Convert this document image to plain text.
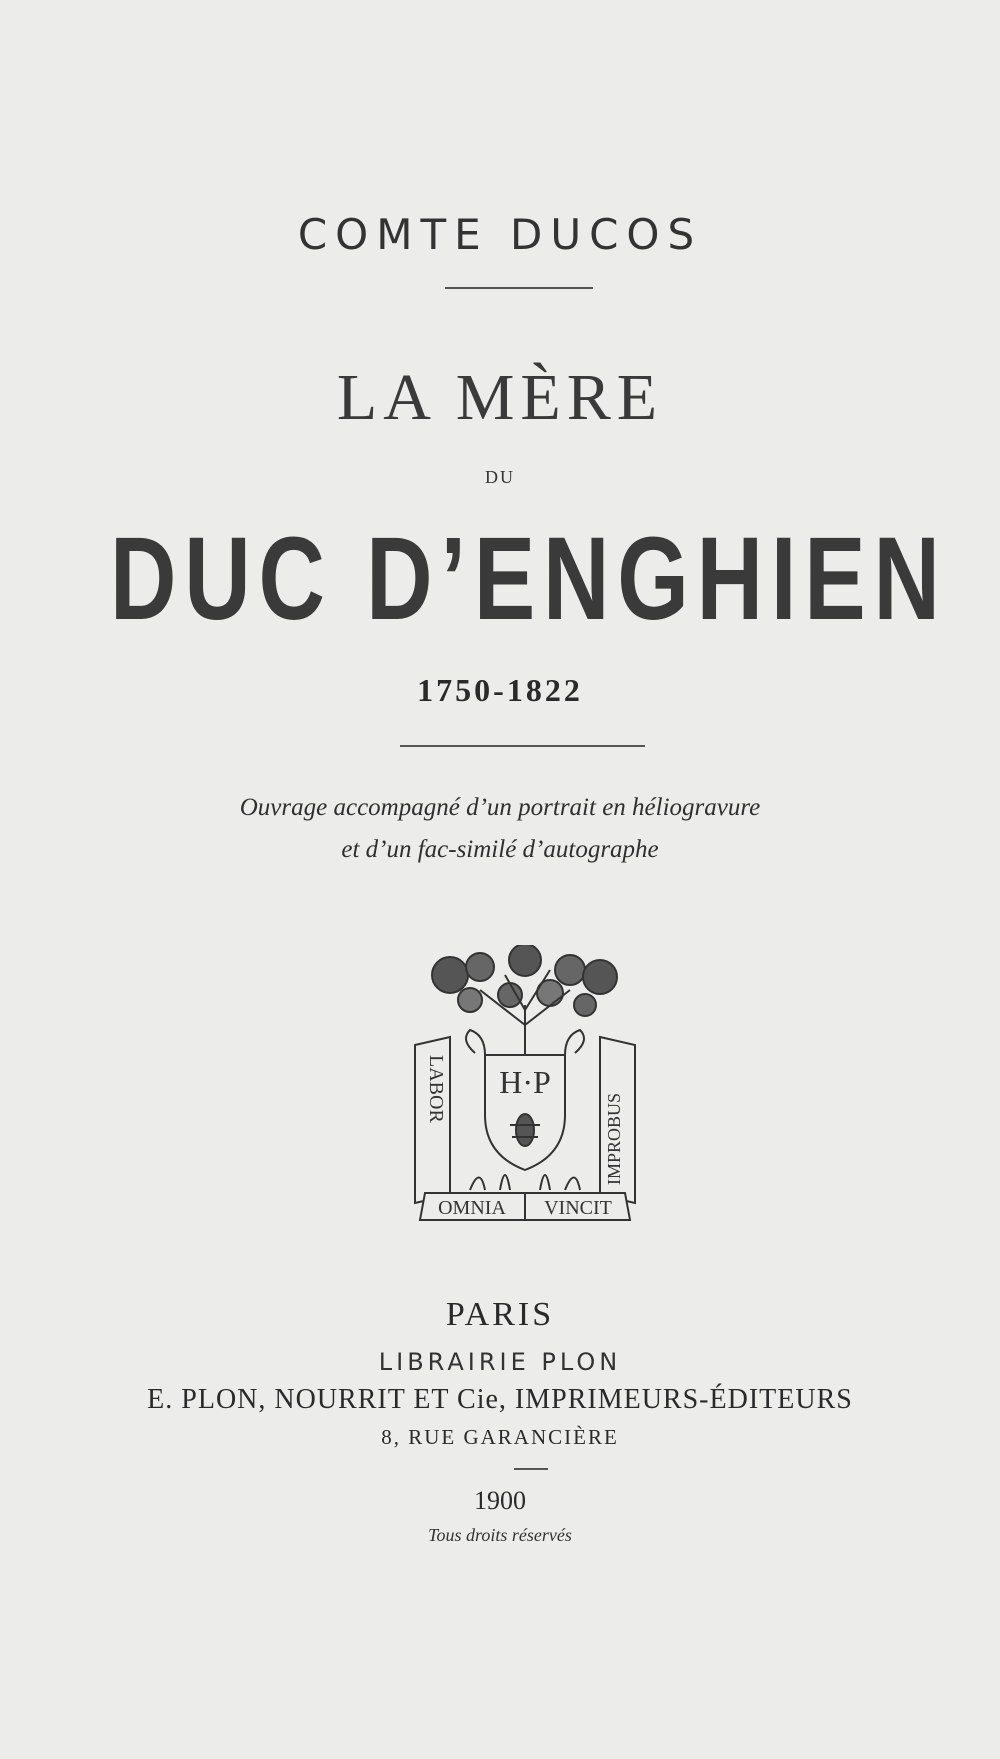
COMTE DUCOS
LA MÈRE
DU
DUC D’ENGHIEN
1750-1822
Ouvrage accompagné d’un portrait en héliogravure
et d’un fac-similé d’autographe
LABOR
IMPROBUS
H·P
OMNIA VINCIT
PARIS
LIBRAIRIE PLON
E. PLON, NOURRIT ET Cie, IMPRIMEURS-ÉDITEURS
8, RUE GARANCIÈRE
1900
Tous droits réservés
